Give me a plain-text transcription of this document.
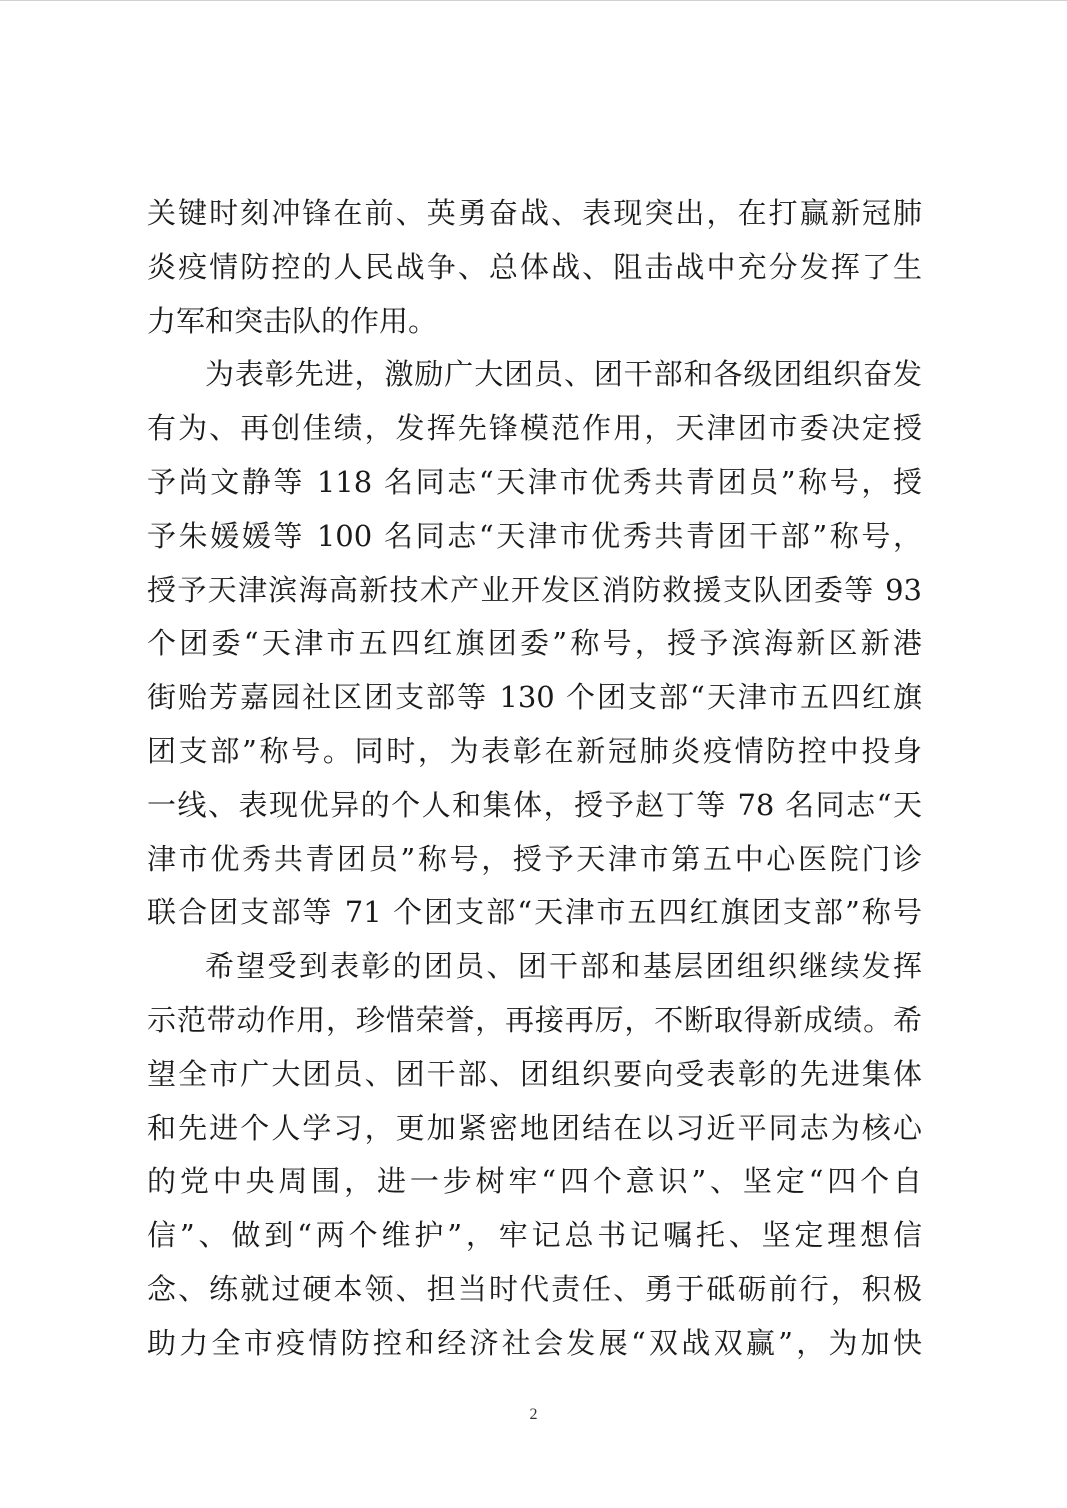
关键时刻冲锋在前、英勇奋战、表现突出，在打赢新冠肺
炎疫情防控的人民战争、总体战、阻击战中充分发挥了生
力军和突击队的作用。
为表彰先进，激励广大团员、团干部和各级团组织奋发
有为、再创佳绩，发挥先锋模范作用，天津团市委决定授
予尚文静等 118 名同志“天津市优秀共青团员”称号，授
予朱媛媛等 100 名同志“天津市优秀共青团干部”称号，
授予天津滨海高新技术产业开发区消防救援支队团委等 93
个团委“天津市五四红旗团委”称号，授予滨海新区新港
街贻芳嘉园社区团支部等 130 个团支部“天津市五四红旗
团支部”称号。同时，为表彰在新冠肺炎疫情防控中投身
一线、表现优异的个人和集体，授予赵丁等 78 名同志“天
津市优秀共青团员”称号，授予天津市第五中心医院门诊
联合团支部等 71 个团支部“天津市五四红旗团支部”称号
希望受到表彰的团员、团干部和基层团组织继续发挥
示范带动作用，珍惜荣誉，再接再厉，不断取得新成绩。希
望全市广大团员、团干部、团组织要向受表彰的先进集体
和先进个人学习，更加紧密地团结在以习近平同志为核心
的党中央周围，进一步树牢“四个意识”、坚定“四个自
信”、做到“两个维护”，牢记总书记嘱托、坚定理想信
念、练就过硬本领、担当时代责任、勇于砥砺前行，积极
助力全市疫情防控和经济社会发展“双战双赢”，为加快
2
